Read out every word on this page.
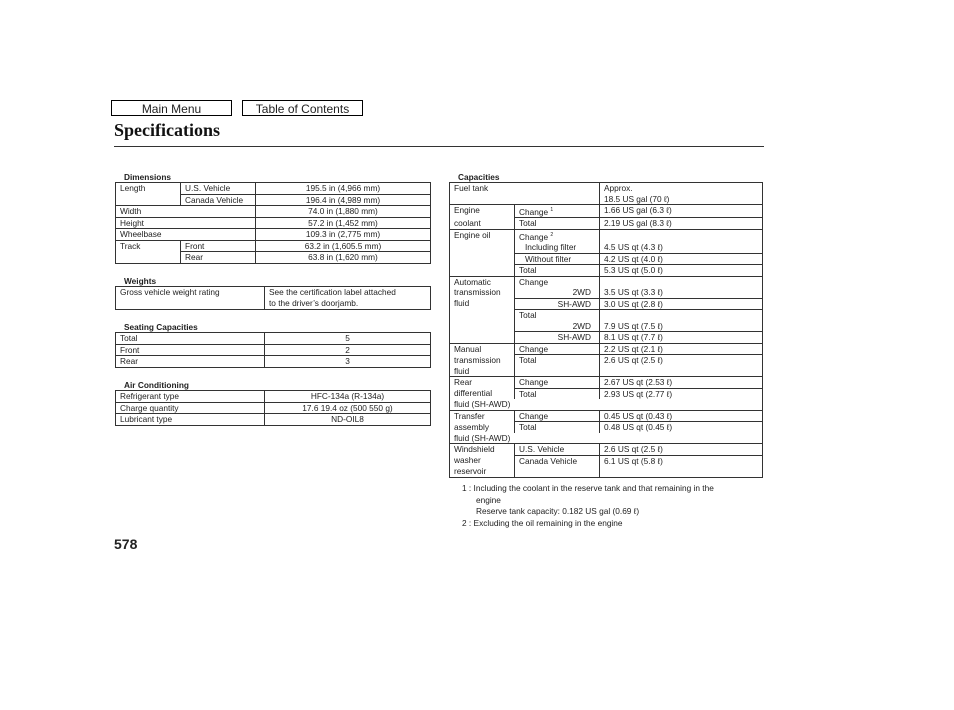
Main Menu	Table of Contents
Specifications
Dimensions
Length	U.S. Vehicle	195.5 in (4,966 mm)
	Canada Vehicle	196.4 in (4,989 mm)
Width		74.0 in (1,880 mm)
Height		57.2 in (1,452 mm)
Wheelbase		109.3 in (2,775 mm)
Track	Front	63.2 in (1,605.5 mm)
	Rear	63.8 in (1,620 mm)
Weights
Gross vehicle weight rating	See the certification label attached
to the driver’s doorjamb.
Seating Capacities
Total	5
Front	2
Rear	3
Air Conditioning
Refrigerant type	HFC-134a (R-134a)
Charge quantity	17.6 19.4 oz (500 550 g)
Lubricant type	ND-OIL8
Capacities
Fuel tank		Approx.
		18.5 US gal (70 ℓ)
Engine	Change $^1$	1.66 US gal (6.3 ℓ)
coolant	Total	2.19 US gal (8.3 ℓ)
Engine oil	Change $^2$	
	Including filter	4.5 US qt (4.3 ℓ)
	Without filter	4.2 US qt (4.0 ℓ)
	Total	5.3 US qt (5.0 ℓ)
Automatic	Change	
transmission	2WD	3.5 US qt (3.3 ℓ)
fluid	SH-AWD	3.0 US qt (2.8 ℓ)
	Total	
	2WD	7.9 US qt (7.5 ℓ)
	SH-AWD	8.1 US qt (7.7 ℓ)
Manual	Change	2.2 US qt (2.1 ℓ)
transmission	Total	2.6 US qt (2.5 ℓ)
fluid		
Rear	Change	2.67 US qt (2.53 ℓ)
differential	Total	2.93 US qt (2.77 ℓ)
fluid (SH-AWD)		
Transfer	Change	0.45 US qt (0.43 ℓ)
assembly	Total	0.48 US qt (0.45 ℓ)
fluid (SH-AWD)		
Windshield	U.S. Vehicle	2.6 US qt (2.5 ℓ)
washer	Canada Vehicle	6.1 US qt (5.8 ℓ)
reservoir		
1 : Including the coolant in the reserve tank and that remaining in the
engine
Reserve tank capacity: 0.182 US gal (0.69 ℓ)
2 : Excluding the oil remaining in the engine
578
